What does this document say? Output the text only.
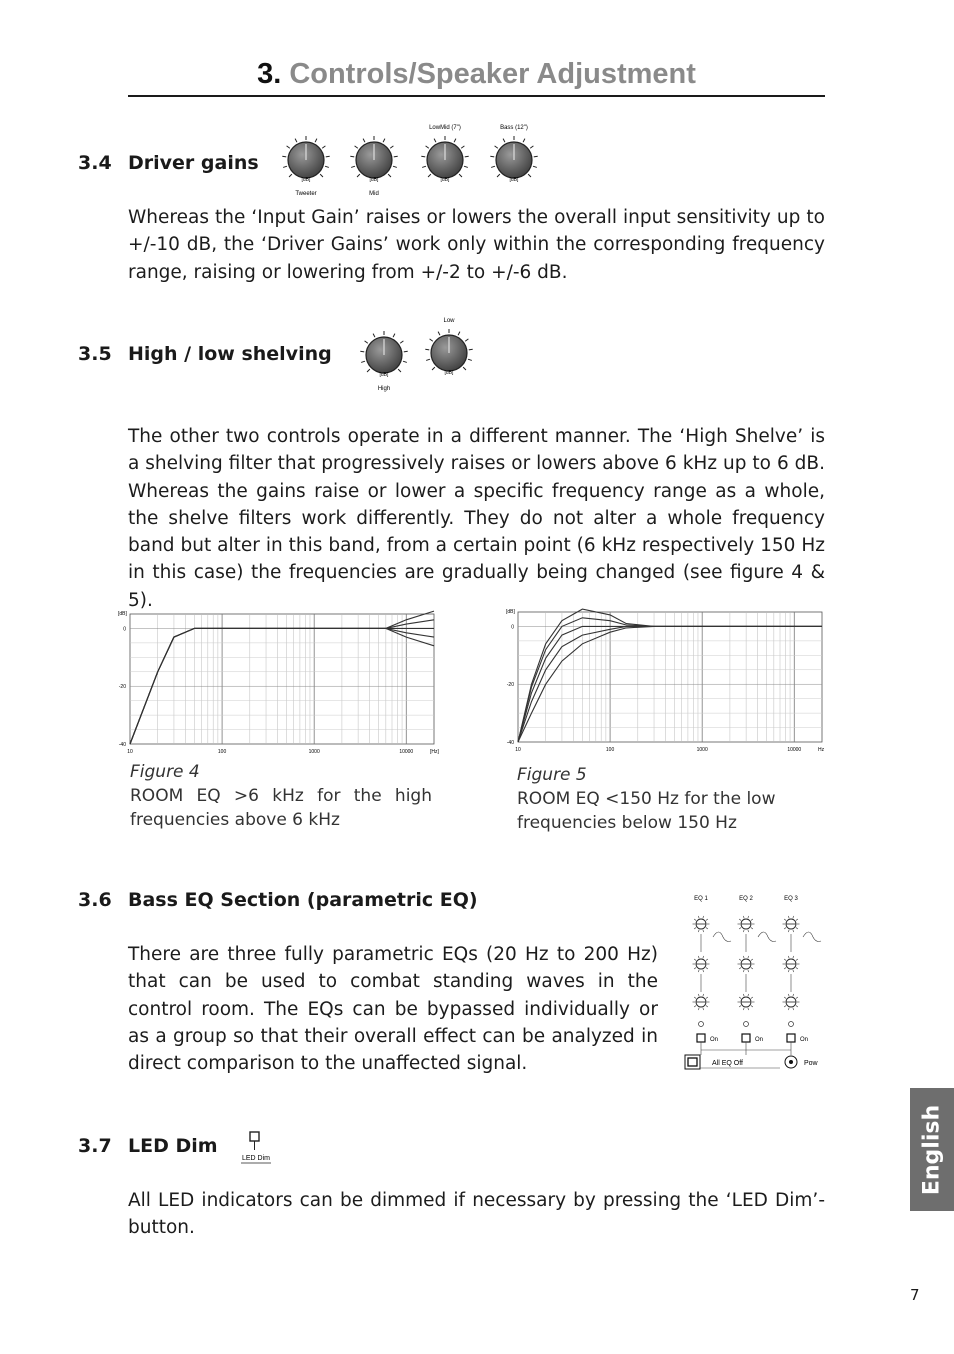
3. Controls/Speaker Adjustment
3.4 Driver gains
[dB]	[dB]	[dB]	[dB]
Tweeter	Mid
LowMid (7")	Bass (12")
Whereas the ‘Input Gain’ raises or lowers the overall input sensitivity up to +/-10 dB, the ‘Driver Gains’ work only within the corresponding frequency range, raising or lowering from +/-2 to +/-6 dB.
3.5 High / low shelving
[dB]	[dB]
High
Low
The other two controls operate in a different manner. The ‘High Shelve’ is a shelving filter that progressively raises or lowers above 6 kHz up to 6 dB. Whereas the gains raise or lower a specific frequency range as a whole, the shelve filters work differently. They do not alter a whole frequency band but alter in this band, from a certain point (6 kHz respectively 150 Hz in this case) the frequencies are gradually being changed (see figure 4 & 5).
0
-20
-40
[dB]
10	100	1000	10000	[Hz]
0
-20
-40
[dB]
10	100	1000	10000	Hz
Figure 4
ROOM EQ >6 kHz for the high frequencies above 6 kHz
Figure 5
ROOM EQ <150 Hz for the low frequencies below 150 Hz
3.6 Bass EQ Section (parametric EQ)
There are three fully parametric EQs (20 Hz to 200 Hz) that can be used to combat standing waves in the control room. The EQs can be bypassed individually or as a group so that their overall effect can be analyzed in direct comparison to the unaffected signal.
EQ 1	EQ 2	EQ 3
On	On	On
All EQ Off	Pow
3.7 LED Dim
LED Dim
All LED indicators can be dimmed if necessary by pressing the ‘LED Dim’-button.
English
7
